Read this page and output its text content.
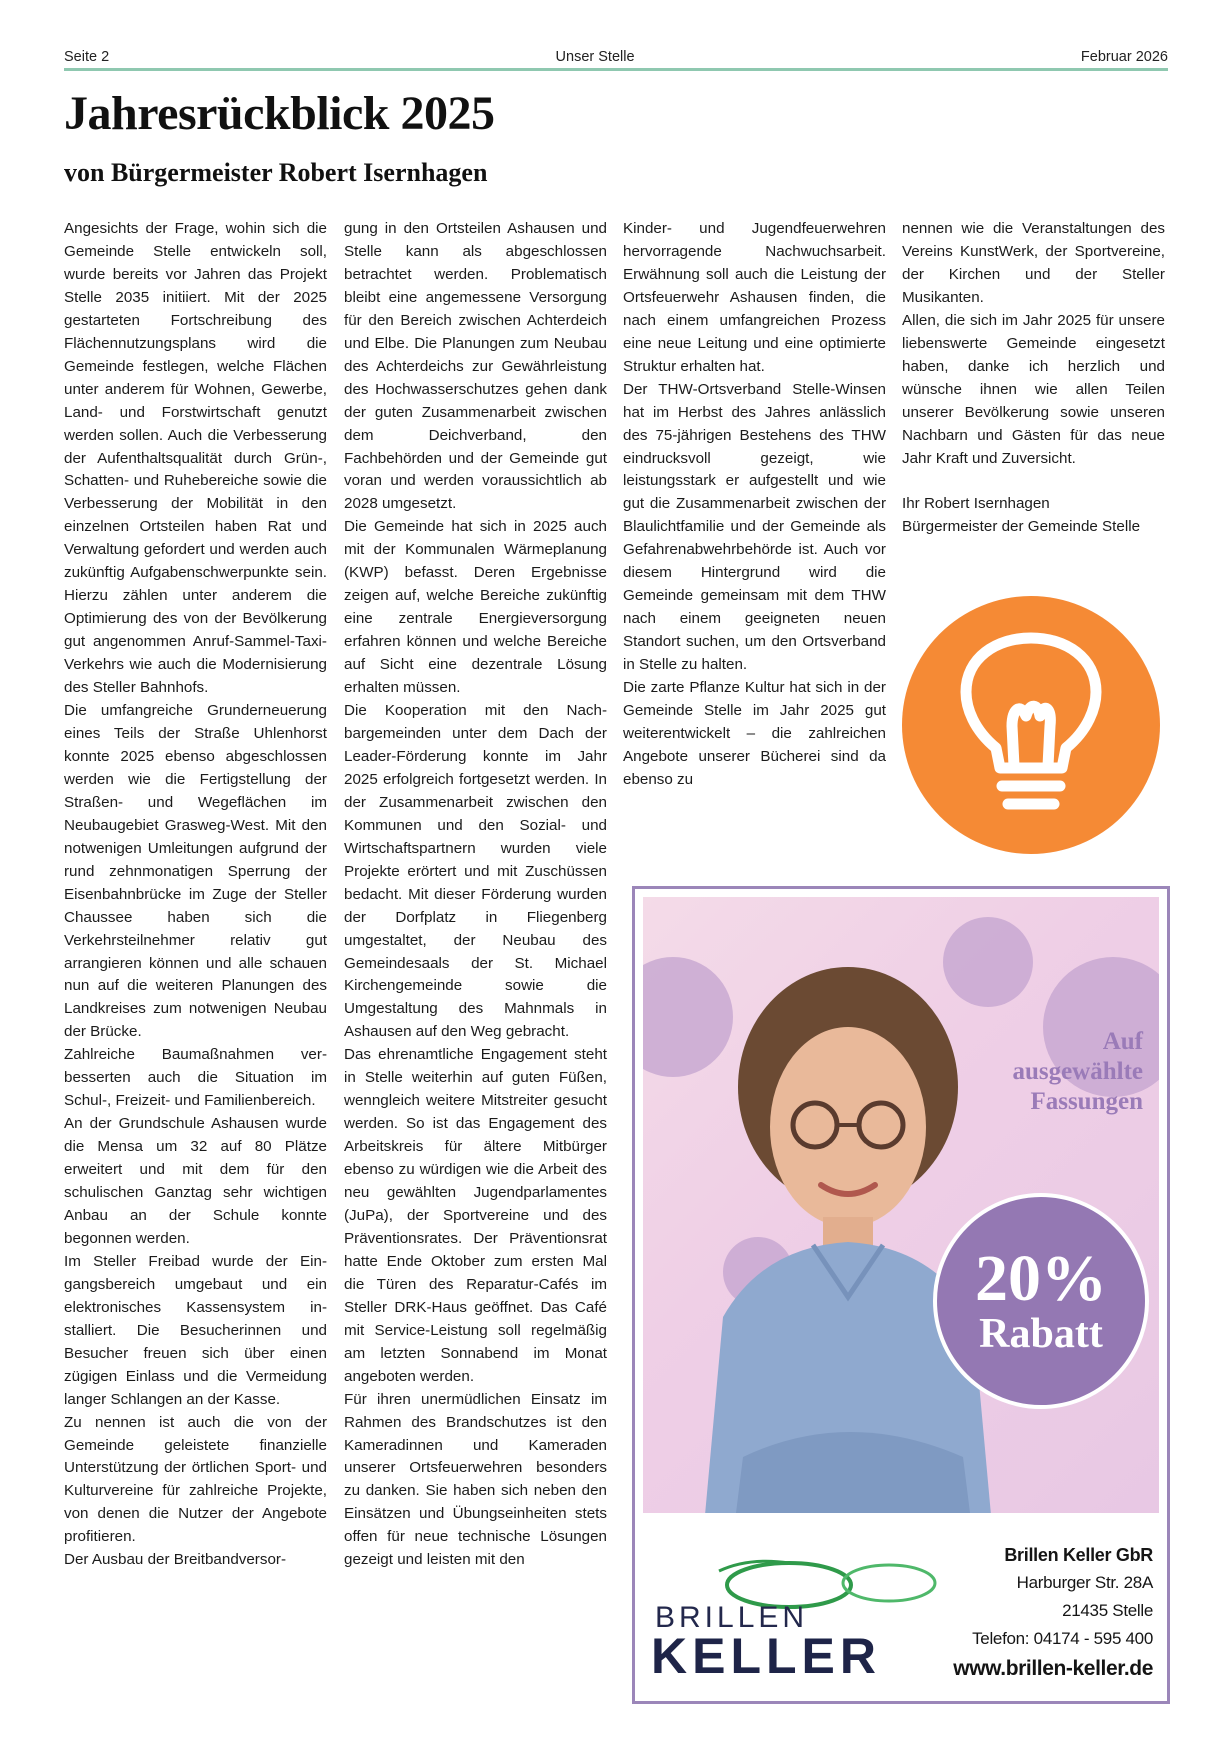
Seite 2	Unser Stelle	Februar 2026
Jahresrückblick 2025
von Bürgermeister Robert Isernhagen

Angesichts der Frage, wohin sich die Gemeinde Stelle entwickeln soll, wurde bereits vor Jahren das Projekt Stelle 2035 initiiert. Mit der 2025 gestarteten Fortschreibung des Flächennutzungsplans wird die Gemeinde festlegen, welche Flächen unter anderem für Wohnen, Gewerbe, Land- und Forstwirtschaft genutzt werden sollen. Auch die Verbesserung der Aufenthaltsqualität durch Grün-, Schatten- und Ruhebereiche sowie die Verbesserung der Mobilität in den einzelnen Ortsteilen haben Rat und Verwaltung gefordert und werden auch zukünftig Aufgabenschwerpunkte sein. Hierzu zählen unter anderem die Optimierung des von der Bevölkerung gut angenommen Anruf-Sammel-Taxi-Verkehrs wie auch die Modernisierung des Steller Bahnhofs.

Die umfangreiche Grunderneuerung eines Teils der Straße Uhlenhorst konnte 2025 ebenso abgeschlossen werden wie die Fertigstellung der Straßen- und Wegeflächen im Neubaugebiet Grasweg-West. Mit den notwenigen Umleitungen aufgrund der rund zehnmonatigen Sperrung der Eisenbahnbrücke im Zuge der Steller Chaussee haben sich die Verkehrsteilnehmer relativ gut arrangieren können und alle schauen nun auf die weiteren Planungen des Landkreises zum notwenigen Neubau der Brücke.

Zahlreiche Baumaßnahmen verbesserten auch die Situation im Schul-, Freizeit- und Familienbereich.

An der Grundschule Ashausen wurde die Mensa um 32 auf 80 Plätze erweitert und mit dem für den schulischen Ganztag sehr wichtigen Anbau an der Schule konnte begonnen werden.

Im Steller Freibad wurde der Eingangsbereich umgebaut und ein elektronisches Kassensystem installiert. Die Besucherinnen und Besucher freuen sich über einen zügigen Einlass und die Vermeidung langer Schlangen an der Kasse.

Zu nennen ist auch die von der Gemeinde geleistete finanzielle Unterstützung der örtlichen Sport- und Kulturvereine für zahlreiche Projekte, von denen die Nutzer der Angebote profitieren.

Der Ausbau der Breitbandversor-

gung in den Ortsteilen Ashausen und Stelle kann als abgeschlossen betrachtet werden. Problematisch bleibt eine angemessene Versorgung für den Bereich zwischen Achterdeich und Elbe. Die Planungen zum Neubau des Achterdeichs zur Gewährleistung des Hochwasserschutzes gehen dank der guten Zusammenarbeit zwischen dem Deichverband, den Fachbehörden und der Gemeinde gut voran und werden voraussichtlich ab 2028 umgesetzt.

Die Gemeinde hat sich in 2025 auch mit der Kommunalen Wärmeplanung (KWP) befasst. Deren Ergebnisse zeigen auf, welche Bereiche zukünftig eine zentrale Energieversorgung erfahren können und welche Bereiche auf Sicht eine dezentrale Lösung erhalten müssen.

Die Kooperation mit den Nachbargemeinden unter dem Dach der Leader-Förderung konnte im Jahr 2025 erfolgreich fortgesetzt werden. In der Zusammenarbeit zwischen den Kommunen und den Sozial- und Wirtschaftspartnern wurden viele Projekte erörtert und mit Zuschüssen bedacht. Mit dieser Förderung wurden der Dorfplatz in Fliegenberg umgestaltet, der Neubau des Gemeindesaals der St. Michael Kirchengemeinde sowie die Umgestaltung des Mahnmals in Ashausen auf den Weg gebracht.

Das ehrenamtliche Engagement steht in Stelle weiterhin auf guten Füßen, wenngleich weitere Mitstreiter gesucht werden. So ist das Engagement des Arbeitskreis für ältere Mitbürger ebenso zu würdigen wie die Arbeit des neu gewählten Jugendparlamentes (JuPa), der Sportvereine und des Präventionsrates. Der Präventionsrat hatte Ende Oktober zum ersten Mal die Türen des Reparatur-Cafés im Steller DRK-Haus geöffnet. Das Café mit Service-Leistung soll regelmäßig am letzten Sonnabend im Monat angeboten werden.

Für ihren unermüdlichen Einsatz im Rahmen des Brandschutzes ist den Kameradinnen und Kameraden unserer Ortsfeuerwehren besonders zu danken. Sie haben sich neben den Einsätzen und Übungseinheiten stets offen für neue technische Lösungen gezeigt und leisten mit den

Kinder- und Jugendfeuerwehren hervorragende Nachwuchsarbeit. Erwähnung soll auch die Leistung der Ortsfeuerwehr Ashausen finden, die nach einem umfangreichen Prozess eine neue Leitung und eine optimierte Struktur erhalten hat.

Der THW-Ortsverband Stelle-Winsen hat im Herbst des Jahres anlässlich des 75-jährigen Bestehens des THW eindrucksvoll gezeigt, wie leistungsstark er aufgestellt und wie gut die Zusammenarbeit zwischen der Blaulichtfamilie und der Gemeinde als Gefahrenabwehrbehörde ist. Auch vor diesem Hintergrund wird die Gemeinde gemeinsam mit dem THW nach einem geeigneten neuen Standort suchen, um den Ortsverband in Stelle zu halten.

Die zarte Pflanze Kultur hat sich in der Gemeinde Stelle im Jahr 2025 gut weiterentwickelt – die zahlreichen Angebote unserer Bücherei sind da ebenso zu

nennen wie die Veranstaltungen des Vereins KunstWerk, der Sportvereine, der Kirchen und der Steller Musikanten.

Allen, die sich im Jahr 2025 für unsere liebenswerte Gemeinde eingesetzt haben, danke ich herzlich und wünsche ihnen wie allen Teilen unserer Bevölkerung sowie unseren Nachbarn und Gästen für das neue Jahr Kraft und Zuversicht.

Ihr Robert Isernhagen

Bürgermeister der Gemeinde Stelle

Auf
ausgewählte
Fassungen
20%
Rabatt
BRILLEN
KELLER
Brillen Keller GbR
Harburger Str. 28A
21435 Stelle
Telefon: 04174 - 595 400
www.brillen-keller.de
